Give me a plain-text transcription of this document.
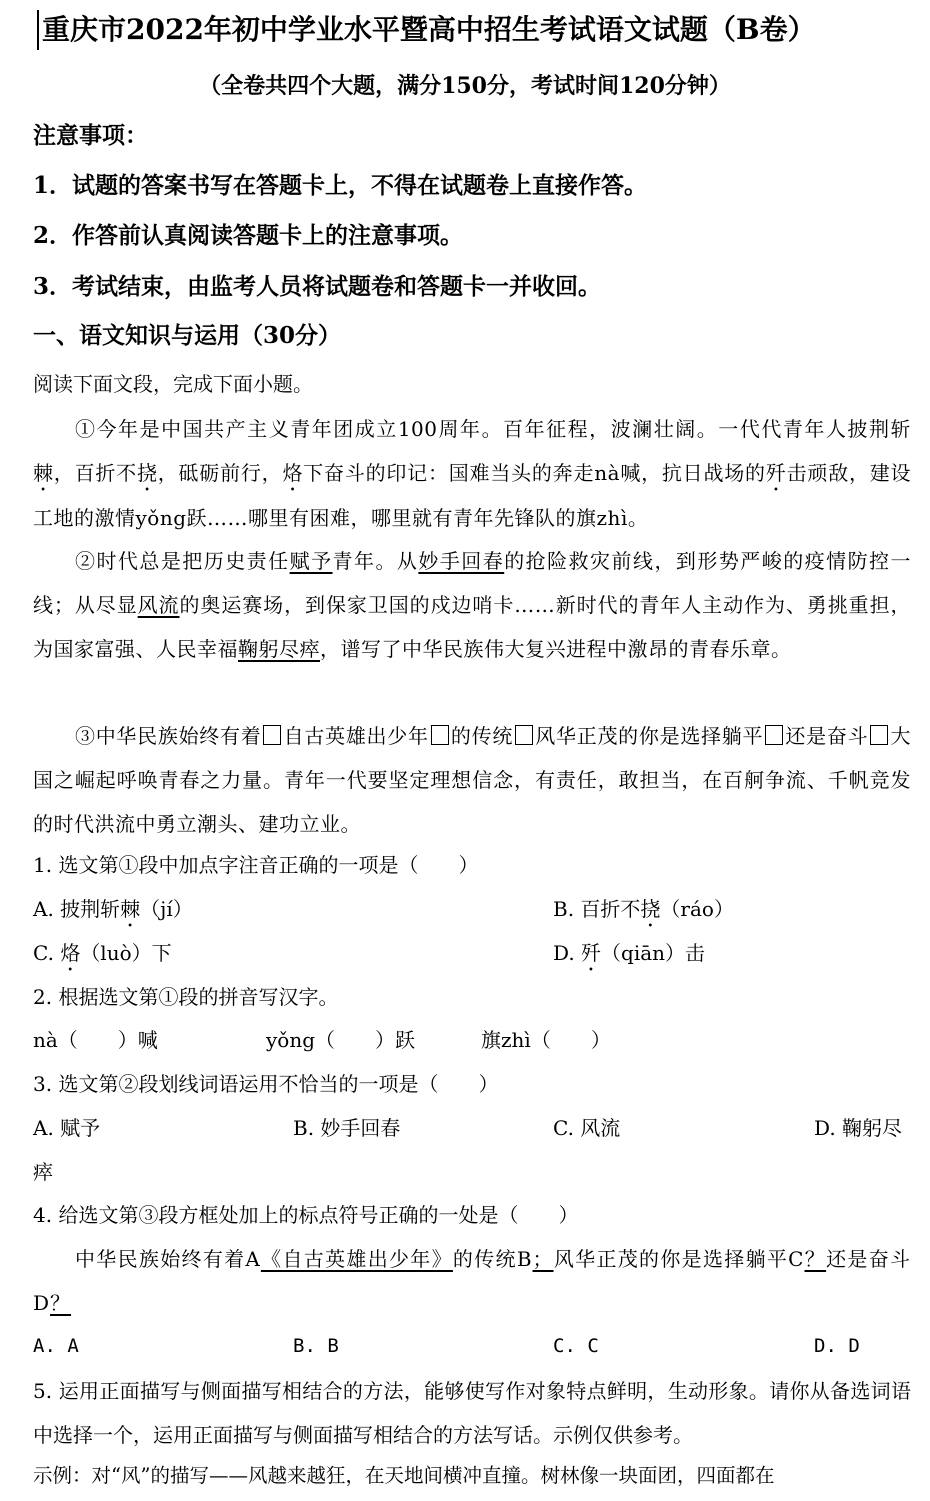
重庆市2022年初中学业水平暨高中招生考试语文试题（B卷）
（全卷共四个大题，满分150分，考试时间120分钟）
注意事项：
1．试题的答案书写在答题卡上，不得在试题卷上直接作答。
2．作答前认真阅读答题卡上的注意事项。
3．考试结束，由监考人员将试题卷和答题卡一并收回。
一、语文知识与运用（30分）
阅读下面文段，完成下面小题。
①今年是中国共产主义青年团成立100周年。百年征程，波澜壮阔。一代代青年人披荆斩棘，百折不挠，砥砺前行，烙下奋斗的印记：国难当头的奔走nà喊，抗日战场的歼击顽敌，建设工地的激情yǒng跃……哪里有困难，哪里就有青年先锋队的旗zhì。
②时代总是把历史责任赋予青年。从妙手回春的抢险救灾前线，到形势严峻的疫情防控一线；从尽显风流的奥运赛场，到保家卫国的戍边哨卡……新时代的青年人主动作为、勇挑重担，为国家富强、人民幸福鞠躬尽瘁，谱写了中华民族伟大复兴进程中激昂的青春乐章。
③中华民族始终有着 自古英雄出少年 的传统 风华正茂的你是选择躺平 还是奋斗 大国之崛起呼唤青春之力量。青年一代要坚定理想信念，有责任，敢担当，在百舸争流、千帆竞发的时代洪流中勇立潮头、建功立业。
1. 选文第①段中加点字注音正确的一项是（　　）
A. 披荆斩棘（jí）	B. 百折不挠（ráo）
C. 烙（luò）下	D. 歼（qiān）击
2. 根据选文第①段的拼音写汉字。
nà（　　）喊	yǒng（　　）跃	旗zhì（　　）
3. 选文第②段划线词语运用不恰当的一项是（　　）
A. 赋予	B. 妙手回春	C. 风流	D. 鞠躬尽
瘁
4. 给选文第③段方框处加上的标点符号正确的一处是（　　）
中华民族始终有着A《自古英雄出少年》的传统B；风华正茂的你是选择躺平C？还是奋斗D？
A. A	B. B	C. C	D. D
5. 运用正面描写与侧面描写相结合的方法，能够使写作对象特点鲜明，生动形象。请你从备选词语中选择一个，运用正面描写与侧面描写相结合的方法写话。示例仅供参考。
示例：对“风”的描写——风越来越狂，在天地间横冲直撞。树林像一块面团，四面都在
